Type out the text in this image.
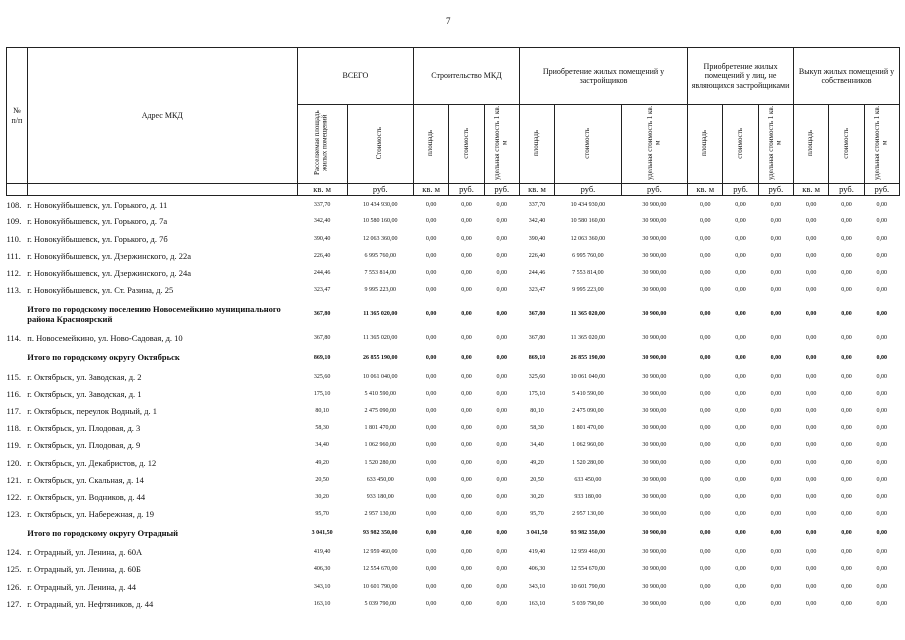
7
№
п/п	Адрес МКД	ВСЕГО		Строительство МКД			Приобретение жилых помещений у застройщиков			Приобретение жилых помещений у лиц, не являющихся застройщиками			Выкуп жилых помещений у собственников		
		Расселяемая площадь жилых помещений	Стоимость	площадь	стоимость	удельная стоимость 1 кв. м	площадь	стоимость	удельная стоимость 1 кв. м	площадь	стоимость	удельная стоимость 1 кв. м	площадь	стоимость	удельная стоимость 1 кв. м
		кв. м	руб.	кв. м	руб.	руб.	кв. м	руб.	руб.	кв. м	руб.	руб.	кв. м	руб.	руб.
108.	г. Новокуйбышевск, ул. Горького, д. 11	337,70	10 434 930,00	0,00	0,00	0,00	337,70	10 434 930,00	30 900,00	0,00	0,00	0,00	0,00	0,00	0,00
109.	г. Новокуйбышевск, ул. Горького, д. 7а	342,40	10 580 160,00	0,00	0,00	0,00	342,40	10 580 160,00	30 900,00	0,00	0,00	0,00	0,00	0,00	0,00
110.	г. Новокуйбышевск, ул. Горького, д. 7б	390,40	12 063 360,00	0,00	0,00	0,00	390,40	12 063 360,00	30 900,00	0,00	0,00	0,00	0,00	0,00	0,00
111.	г. Новокуйбышевск, ул. Дзержинского, д. 22а	226,40	6 995 760,00	0,00	0,00	0,00	226,40	6 995 760,00	30 900,00	0,00	0,00	0,00	0,00	0,00	0,00
112.	г. Новокуйбышевск, ул. Дзержинского, д. 24а	244,46	7 553 814,00	0,00	0,00	0,00	244,46	7 553 814,00	30 900,00	0,00	0,00	0,00	0,00	0,00	0,00
113.	г. Новокуйбышевск, ул. Ст. Разина, д. 25	323,47	9 995 223,00	0,00	0,00	0,00	323,47	9 995 223,00	30 900,00	0,00	0,00	0,00	0,00	0,00	0,00
	Итого по городскому поселению Новосемейкино муниципального района Красноярский	367,80	11 365 020,00	0,00	0,00	0,00	367,80	11 365 020,00	30 900,00	0,00	0,00	0,00	0,00	0,00	0,00
114.	п. Новосемейкино, ул. Ново-Садовая, д. 10	367,80	11 365 020,00	0,00	0,00	0,00	367,80	11 365 020,00	30 900,00	0,00	0,00	0,00	0,00	0,00	0,00
	Итого по городскому округу Октябрьск	869,10	26 855 190,00	0,00	0,00	0,00	869,10	26 855 190,00	30 900,00	0,00	0,00	0,00	0,00	0,00	0,00
115.	г. Октябрьск, ул. Заводская, д. 2	325,60	10 061 040,00	0,00	0,00	0,00	325,60	10 061 040,00	30 900,00	0,00	0,00	0,00	0,00	0,00	0,00
116.	г. Октябрьск, ул. Заводская, д. 1	175,10	5 410 590,00	0,00	0,00	0,00	175,10	5 410 590,00	30 900,00	0,00	0,00	0,00	0,00	0,00	0,00
117.	г. Октябрьск, переулок Водный, д. 1	80,10	2 475 090,00	0,00	0,00	0,00	80,10	2 475 090,00	30 900,00	0,00	0,00	0,00	0,00	0,00	0,00
118.	г. Октябрьск, ул. Плодовая, д. 3	58,30	1 801 470,00	0,00	0,00	0,00	58,30	1 801 470,00	30 900,00	0,00	0,00	0,00	0,00	0,00	0,00
119.	г. Октябрьск, ул. Плодовая, д. 9	34,40	1 062 960,00	0,00	0,00	0,00	34,40	1 062 960,00	30 900,00	0,00	0,00	0,00	0,00	0,00	0,00
120.	г. Октябрьск, ул. Декабристов, д. 12	49,20	1 520 280,00	0,00	0,00	0,00	49,20	1 520 280,00	30 900,00	0,00	0,00	0,00	0,00	0,00	0,00
121.	г. Октябрьск, ул. Скальная, д. 14	20,50	633 450,00	0,00	0,00	0,00	20,50	633 450,00	30 900,00	0,00	0,00	0,00	0,00	0,00	0,00
122.	г. Октябрьск, ул. Водников, д. 44	30,20	933 180,00	0,00	0,00	0,00	30,20	933 180,00	30 900,00	0,00	0,00	0,00	0,00	0,00	0,00
123.	г. Октябрьск, ул. Набережная, д. 19	95,70	2 957 130,00	0,00	0,00	0,00	95,70	2 957 130,00	30 900,00	0,00	0,00	0,00	0,00	0,00	0,00
	Итого по городскому округу Отрадный	3 041,50	93 982 350,00	0,00	0,00	0,00	3 041,50	93 982 350,00	30 900,00	0,00	0,00	0,00	0,00	0,00	0,00
124.	г. Отрадный, ул. Ленина, д. 60А	419,40	12 959 460,00	0,00	0,00	0,00	419,40	12 959 460,00	30 900,00	0,00	0,00	0,00	0,00	0,00	0,00
125.	г. Отрадный, ул. Ленина, д. 60Б	406,30	12 554 670,00	0,00	0,00	0,00	406,30	12 554 670,00	30 900,00	0,00	0,00	0,00	0,00	0,00	0,00
126.	г. Отрадный, ул. Ленина, д. 44	343,10	10 601 790,00	0,00	0,00	0,00	343,10	10 601 790,00	30 900,00	0,00	0,00	0,00	0,00	0,00	0,00
127.	г. Отрадный, ул. Нефтяников, д. 44	163,10	5 039 790,00	0,00	0,00	0,00	163,10	5 039 790,00	30 900,00	0,00	0,00	0,00	0,00	0,00	0,00
